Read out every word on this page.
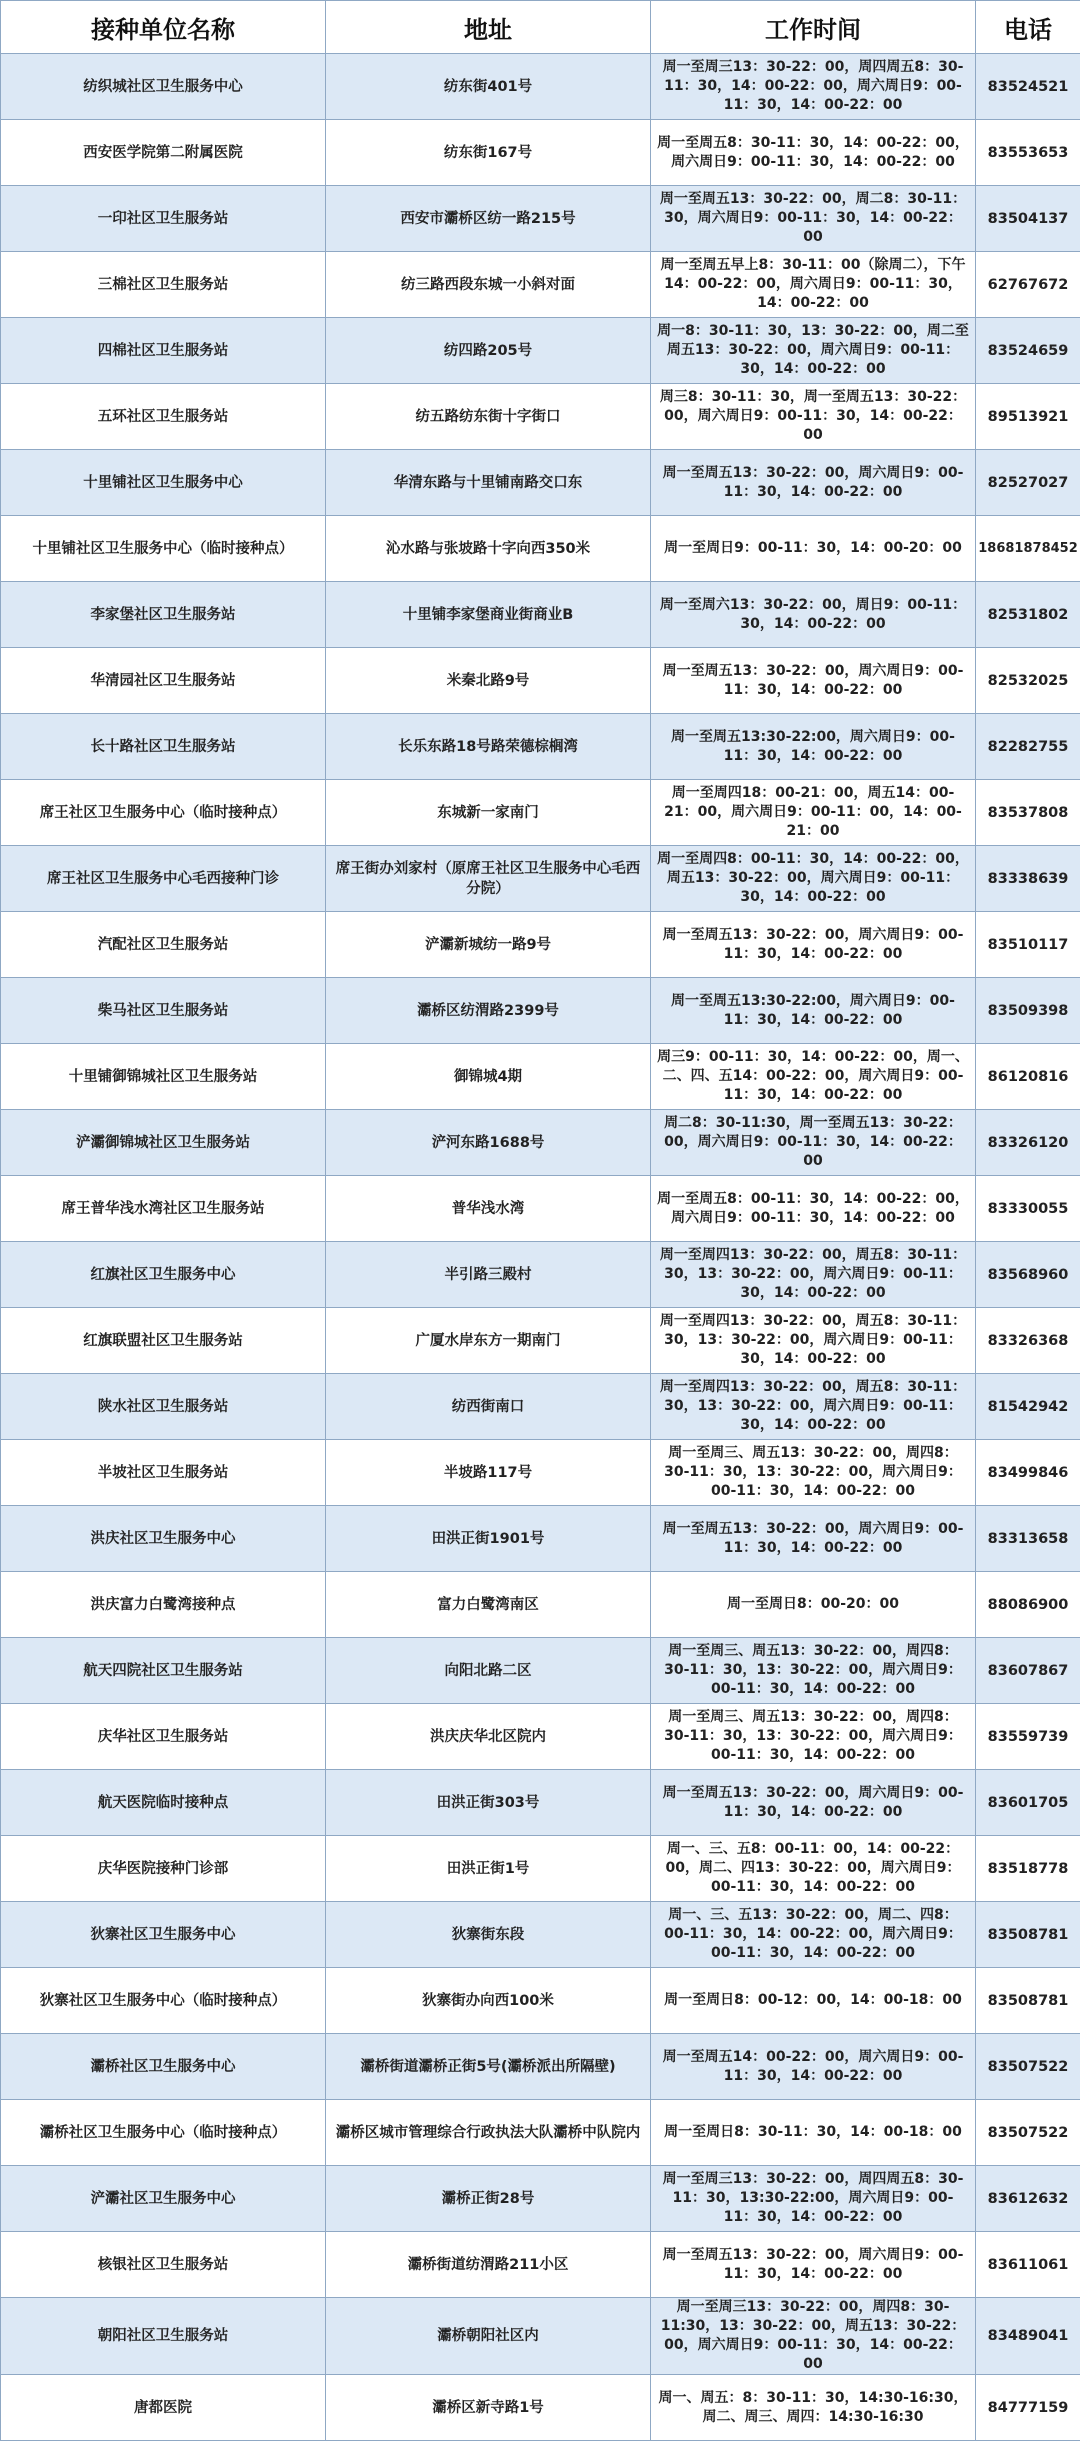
接种单位名称	地址	工作时间	电话
纺织城社区卫生服务中心	纺东街401号	周一至周三13：30-22：00，周四周五8：30-11：30，14：00-22：00，周六周日9：00-11：30，14：00-22：00	83524521
西安医学院第二附属医院	纺东街167号	周一至周五8：30-11：30，14：00-22：00，周六周日9：00-11：30，14：00-22：00	83553653
一印社区卫生服务站	西安市灞桥区纺一路215号	周一至周五13：30-22：00，周二8：30-11：30，周六周日9：00-11：30，14：00-22：00	83504137
三棉社区卫生服务站	纺三路西段东城一小斜对面	周一至周五早上8：30-11：00（除周二），下午14：00-22：00，周六周日9：00-11：30，14：00-22：00	62767672
四棉社区卫生服务站	纺四路205号	周一8：30-11：30，13：30-22：00，周二至周五13：30-22：00，周六周日9：00-11：30，14：00-22：00	83524659
五环社区卫生服务站	纺五路纺东街十字街口	周三8：30-11：30，周一至周五13：30-22：00，周六周日9：00-11：30，14：00-22：00	89513921
十里铺社区卫生服务中心	华清东路与十里铺南路交口东	周一至周五13：30-22：00，周六周日9：00-11：30，14：00-22：00	82527027
十里铺社区卫生服务中心（临时接种点）	沁水路与张坡路十字向西350米	周一至周日9：00-11：30，14：00-20：00	18681878452
李家堡社区卫生服务站	十里铺李家堡商业街商业B	周一至周六13：30-22：00，周日9：00-11：30，14：00-22：00	82531802
华清园社区卫生服务站	米秦北路9号	周一至周五13：30-22：00，周六周日9：00-11：30，14：00-22：00	82532025
长十路社区卫生服务站	长乐东路18号路荣德棕榈湾	周一至周五13:30-22:00，周六周日9：00-11：30，14：00-22：00	82282755
席王社区卫生服务中心（临时接种点）	东城新一家南门	周一至周四18：00-21：00，周五14：00-21：00，周六周日9：00-11：00，14：00-21：00	83537808
席王社区卫生服务中心毛西接种门诊	席王街办刘家村（原席王社区卫生服务中心毛西分院）	周一至周四8：00-11：30，14：00-22：00，周五13：30-22：00，周六周日9：00-11：30，14：00-22：00	83338639
汽配社区卫生服务站	浐灞新城纺一路9号	周一至周五13：30-22：00，周六周日9：00-11：30，14：00-22：00	83510117
柴马社区卫生服务站	灞桥区纺渭路2399号	周一至周五13:30-22:00，周六周日9：00-11：30，14：00-22：00	83509398
十里铺御锦城社区卫生服务站	御锦城4期	周三9：00-11：30，14：00-22：00，周一、二、四、五14：00-22：00，周六周日9：00-11：30，14：00-22：00	86120816
浐灞御锦城社区卫生服务站	浐河东路1688号	周二8：30-11:30，周一至周五13：30-22：00，周六周日9：00-11：30，14：00-22：00	83326120
席王普华浅水湾社区卫生服务站	普华浅水湾	周一至周五8：00-11：30，14：00-22：00，周六周日9：00-11：30，14：00-22：00	83330055
红旗社区卫生服务中心	半引路三殿村	周一至周四13：30-22：00，周五8：30-11：30，13：30-22：00，周六周日9：00-11：30，14：00-22：00	83568960
红旗联盟社区卫生服务站	广厦水岸东方一期南门	周一至周四13：30-22：00，周五8：30-11：30，13：30-22：00，周六周日9：00-11：30，14：00-22：00	83326368
陕水社区卫生服务站	纺西街南口	周一至周四13：30-22：00，周五8：30-11：30，13：30-22：00，周六周日9：00-11：30，14：00-22：00	81542942
半坡社区卫生服务站	半坡路117号	周一至周三、周五13：30-22：00，周四8：30-11：30，13：30-22：00，周六周日9：00-11：30，14：00-22：00	83499846
洪庆社区卫生服务中心	田洪正街1901号	周一至周五13：30-22：00，周六周日9：00-11：30，14：00-22：00	83313658
洪庆富力白鹭湾接种点	富力白鹭湾南区	周一至周日8：00-20：00	88086900
航天四院社区卫生服务站	向阳北路二区	周一至周三、周五13：30-22：00，周四8：30-11：30，13：30-22：00，周六周日9：00-11：30，14：00-22：00	83607867
庆华社区卫生服务站	洪庆庆华北区院内	周一至周三、周五13：30-22：00，周四8：30-11：30，13：30-22：00，周六周日9：00-11：30，14：00-22：00	83559739
航天医院临时接种点	田洪正街303号	周一至周五13：30-22：00，周六周日9：00-11：30，14：00-22：00	83601705
庆华医院接种门诊部	田洪正街1号	周一、三、五8：00-11：00，14：00-22：00，周二、四13：30-22：00，周六周日9：00-11：30，14：00-22：00	83518778
狄寨社区卫生服务中心	狄寨街东段	周一、三、五13：30-22：00，周二、四8：00-11：30，14：00-22：00，周六周日9：00-11：30，14：00-22：00	83508781
狄寨社区卫生服务中心（临时接种点）	狄寨街办向西100米	周一至周日8：00-12：00，14：00-18：00	83508781
灞桥社区卫生服务中心	灞桥街道灞桥正街5号(灞桥派出所隔壁)	周一至周五14：00-22：00，周六周日9：00-11：30，14：00-22：00	83507522
灞桥社区卫生服务中心（临时接种点）	灞桥区城市管理综合行政执法大队灞桥中队院内	周一至周日8：30-11：30，14：00-18：00	83507522
浐灞社区卫生服务中心	灞桥正街28号	周一至周三13：30-22：00，周四周五8：30-11：30，13:30-22:00，周六周日9：00-11：30，14：00-22：00	83612632
核银社区卫生服务站	灞桥街道纺渭路211小区	周一至周五13：30-22：00，周六周日9：00-11：30，14：00-22：00	83611061
朝阳社区卫生服务站	灞桥朝阳社区内	周一至周三13：30-22：00，周四8：30-11:30，13：30-22：00，周五13：30-22：00，周六周日9：00-11：30，14：00-22：00	83489041
唐都医院	灞桥区新寺路1号	周一、周五：8：30-11：30，14:30-16:30，周二、周三、周四：14:30-16:30	84777159
